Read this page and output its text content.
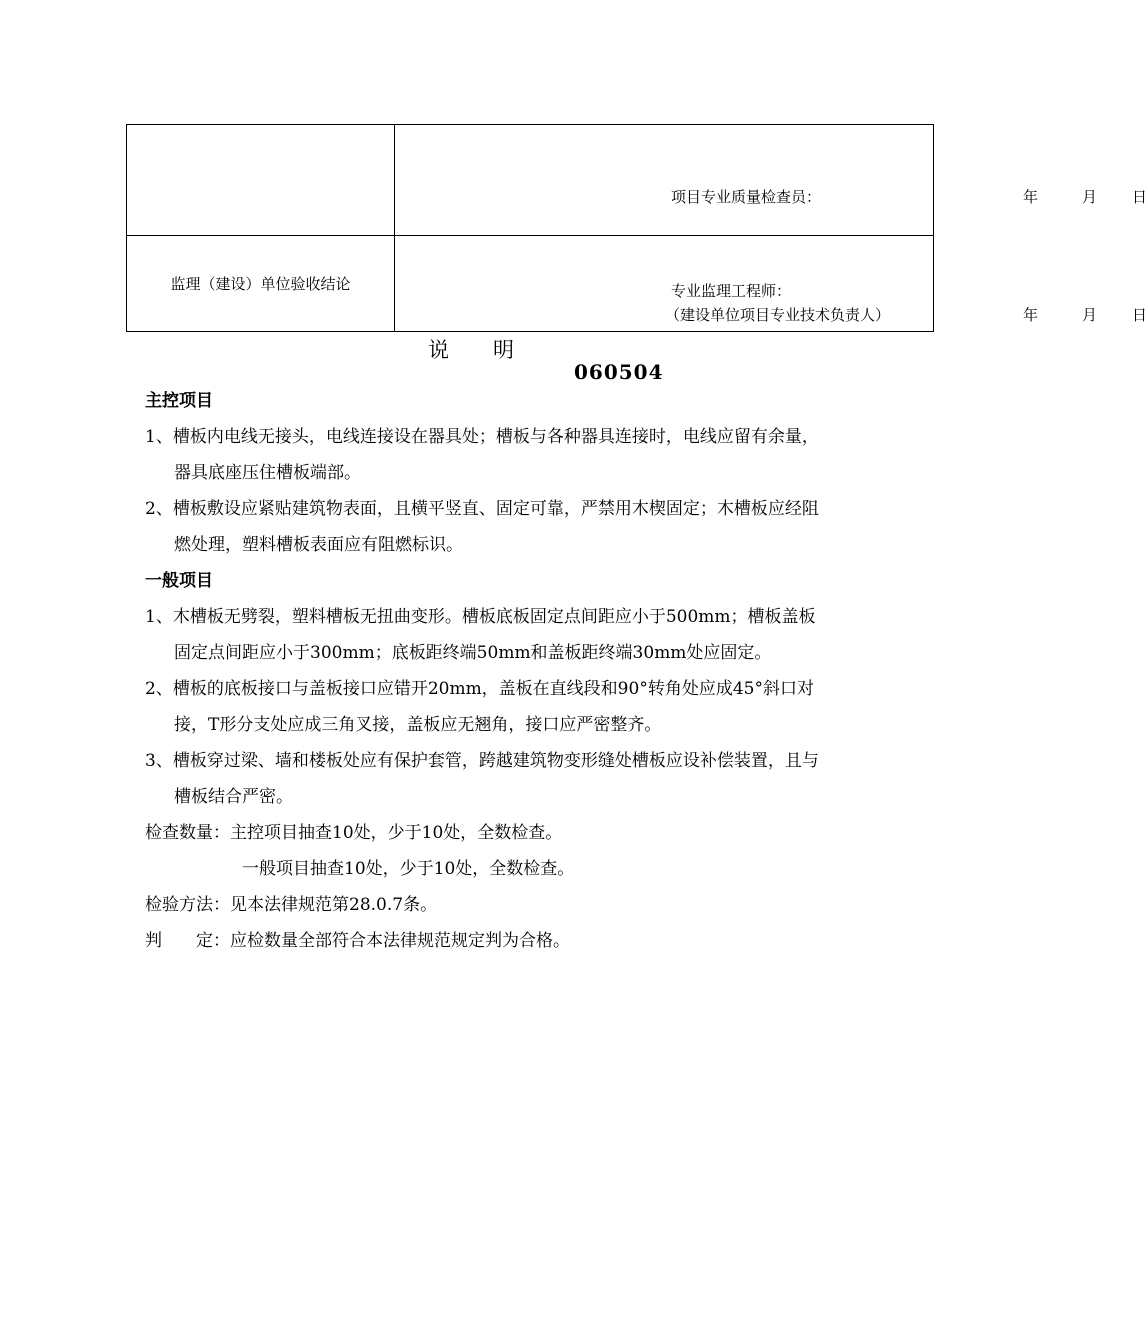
	项目专业质量检查员： 年 月 日

监理（建设）单位验收结论	专业监理工程师：
（建设单位项目专业技术负责人） 年 月 日
说明
060504
主控项目
1、槽板内电线无接头，电线连接设在器具处；槽板与各种器具连接时，电线应留有余量，器具底座压住槽板端部。
2、槽板敷设应紧贴建筑物表面，且横平竖直、固定可靠，严禁用木楔固定；木槽板应经阻燃处理，塑料槽板表面应有阻燃标识。
一般项目
1、木槽板无劈裂，塑料槽板无扭曲变形。槽板底板固定点间距应小于500mm；槽板盖板固定点间距应小于300mm；底板距终端50mm和盖板距终端30mm处应固定。
2、槽板的底板接口与盖板接口应错开20mm，盖板在直线段和90°转角处应成45°斜口对接，T形分支处应成三角叉接，盖板应无翘角，接口应严密整齐。
3、槽板穿过梁、墙和楼板处应有保护套管，跨越建筑物变形缝处槽板应设补偿装置，且与槽板结合严密。
检查数量：主控项目抽查10处，少于10处，全数检查。
一般项目抽查10处，少于10处，全数检查。
检验方法：见本法律规范第28.0.7条。
判　　定：应检数量全部符合本法律规范规定判为合格。
